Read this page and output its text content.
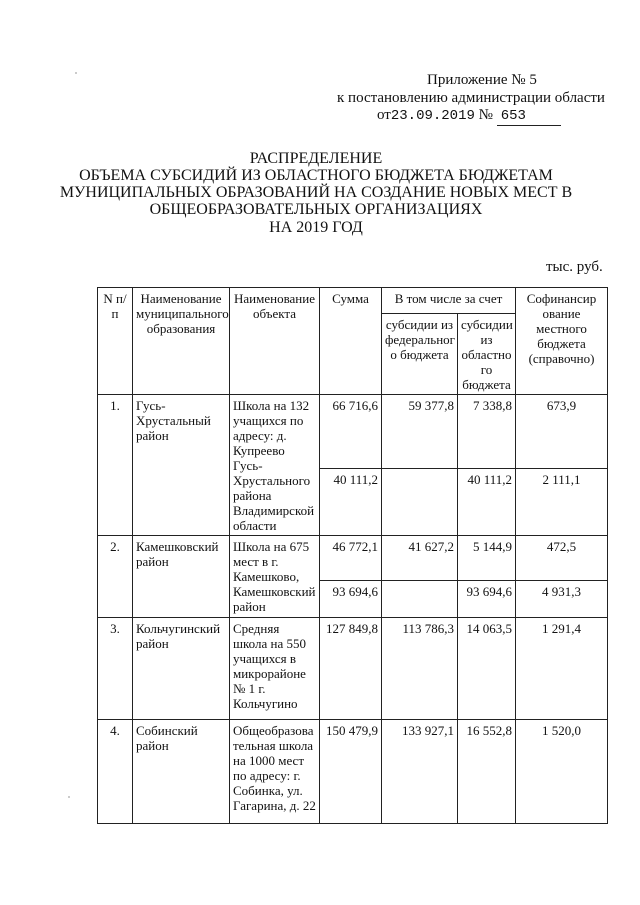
Приложение № 5
к постановлению администрации области
от23.09.2019 № 653
РАСПРЕДЕЛЕНИЕ
ОБЪЕМА СУБСИДИЙ ИЗ ОБЛАСТНОГО БЮДЖЕТА БЮДЖЕТАМ
МУНИЦИПАЛЬНЫХ ОБРАЗОВАНИЙ НА СОЗДАНИЕ НОВЫХ МЕСТ В
ОБЩЕОБРАЗОВАТЕЛЬНЫХ ОРГАНИЗАЦИЯХ
НА 2019 ГОД
тыс. руб.
N п/п	Наименование муниципального образования	Наименование объекта	Сумма	В том числе за счет		Софинансир ование местного бюджета (справочно)
				субсидии из федеральног о бюджета	субсидии из областно го бюджета	
1.	Гусь-Хрустальный район	Школа на 132 учащихся по адресу: д. Купреево Гусь-Хрустального района Владимирской области	66 716,6	59 377,8	7 338,8	673,9
			40 111,2		40 111,2	2 111,1
2.	Камешковский район	Школа на 675 мест в г. Камешково, Камешковский район	46 772,1	41 627,2	5 144,9	472,5
			93 694,6		93 694,6	4 931,3
3.	Кольчугинский район	Средняя школа на 550 учащихся в микрорайоне № 1 г. Кольчугино	127 849,8	113 786,3	14 063,5	1 291,4
4.	Собинский район	Общеобразова тельная школа на 1000 мест по адресу: г. Собинка, ул. Гагарина, д. 22	150 479,9	133 927,1	16 552,8	1 520,0
